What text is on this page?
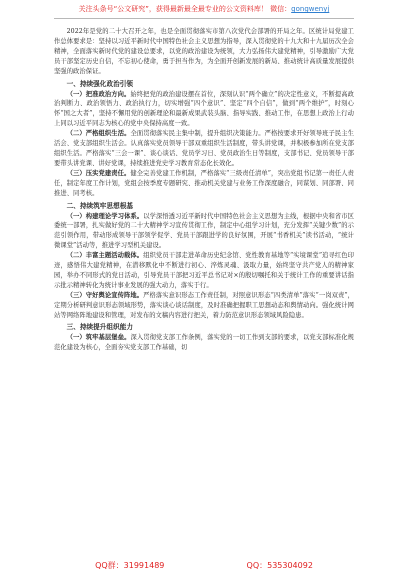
关注头条号“公文研究”，获得最新最全最专业的公文资料库！ 微信：gongwenyj

2022年是党的二十大召开之年，也是全面贯彻落实市第八次党代会部署的开局之年。区统计局党建工作总体要求是：坚持以习近平新时代中国特色社会主义思想为指导，深入贯彻党的十九大和十九届历次全会精神，全面落实新时代党的建设总要求，以党的政治建设为统领，大力弘扬伟大建党精神，引导激励广大党员干部坚定历史自信，不忘初心使命，勇于担当作为，为全面开创新发展的新局、推动统计高质量发展提供坚强的政治保证。

一、持续强化政治引领

（一）把准政治方向。始终把党的政治建设摆在首位，深刻认识“两个确立”的决定性意义，不断提高政治判断力、政治领悟力、政治执行力，切实增强“四个意识”、坚定“四个自信”，做到“两个维护”，时刻心怀“国之大者”，坚持不懈用党的创新理论和最新成果武装头脑、指导实践、推动工作，在思想上政治上行动上同以习近平同志为核心的党中央保持高度一致。

（二）严格组织生活。全面贯彻落实民主集中制，提升组织决策能力。严格按要求开好领导班子民主生活会、党支部组织生活会。认真落实党员领导干部双重组织生活制度，带头讲党课，并积极参加所在党支部组织生活。严格落实“三会一课”、谈心谈话、党员学习日、党员政治生日等制度，支部书记、党员领导干部要带头讲党课、讲好党课，持续推进党史学习教育常态化长效化。

（三）压实党建责任。健全完善党建工作机制，严格落实“三级责任清单”，突出党组书记第一责任人责任，制定年度工作计划，党组会按季度专题研究、推动机关党建与业务工作深度融合，同谋划、同部署、同推进、同考核。

二、持续筑牢思想根基

（一）构建理论学习体系。以学深悟透习近平新时代中国特色社会主义思想为主线，根据中央和省市区委统一部署，扎实做好党的二十大精神学习宣传贯彻工作，制定中心组学习计划，充分发挥“关键少数”的示范引领作用，带动形成领导干部领学促学、党员干部跟进学的良好氛围，开展“书香机关”读书活动，“统计微课堂”活动等，推进学习型机关建设。

（二）丰富主题活动载体。组织党员干部走进革命历史纪念馆、党性教育基地等“实境课堂”追寻红色印迹，感悟伟大建党精神，在潜移默化中不断进行初心、淬炼灵魂、汲取力量，始终坚守共产党人的精神家园，举办不同形式的党日活动，引导党员干部把习近平总书记对×的殷切嘱托和关于统计工作的重要讲话指示批示精神转化为统计事业发展的强大动力，落实于行。

（三）守好舆论宣传阵地。严格落实意识形态工作责任制，对照意识形态“四类清单”落实“一岗双责”，定期分析研判意识形态领域形势，落实谈心谈话制度，及时准确把握职工思想动态和舆情动向。强化统计网站等网络阵地建设和管理，对发布的文稿内容进行把关，着力防范意识形态领域风险隐患。

三、持续提升组织能力

（一）筑牢基层堡垒。深入贯彻党支部工作条例，落实党的一切工作到支部的要求，以党支部标准化规范化建设为核心，全面夯实党支部工作基础，切

QQ群：31991489	QQ：535304092
